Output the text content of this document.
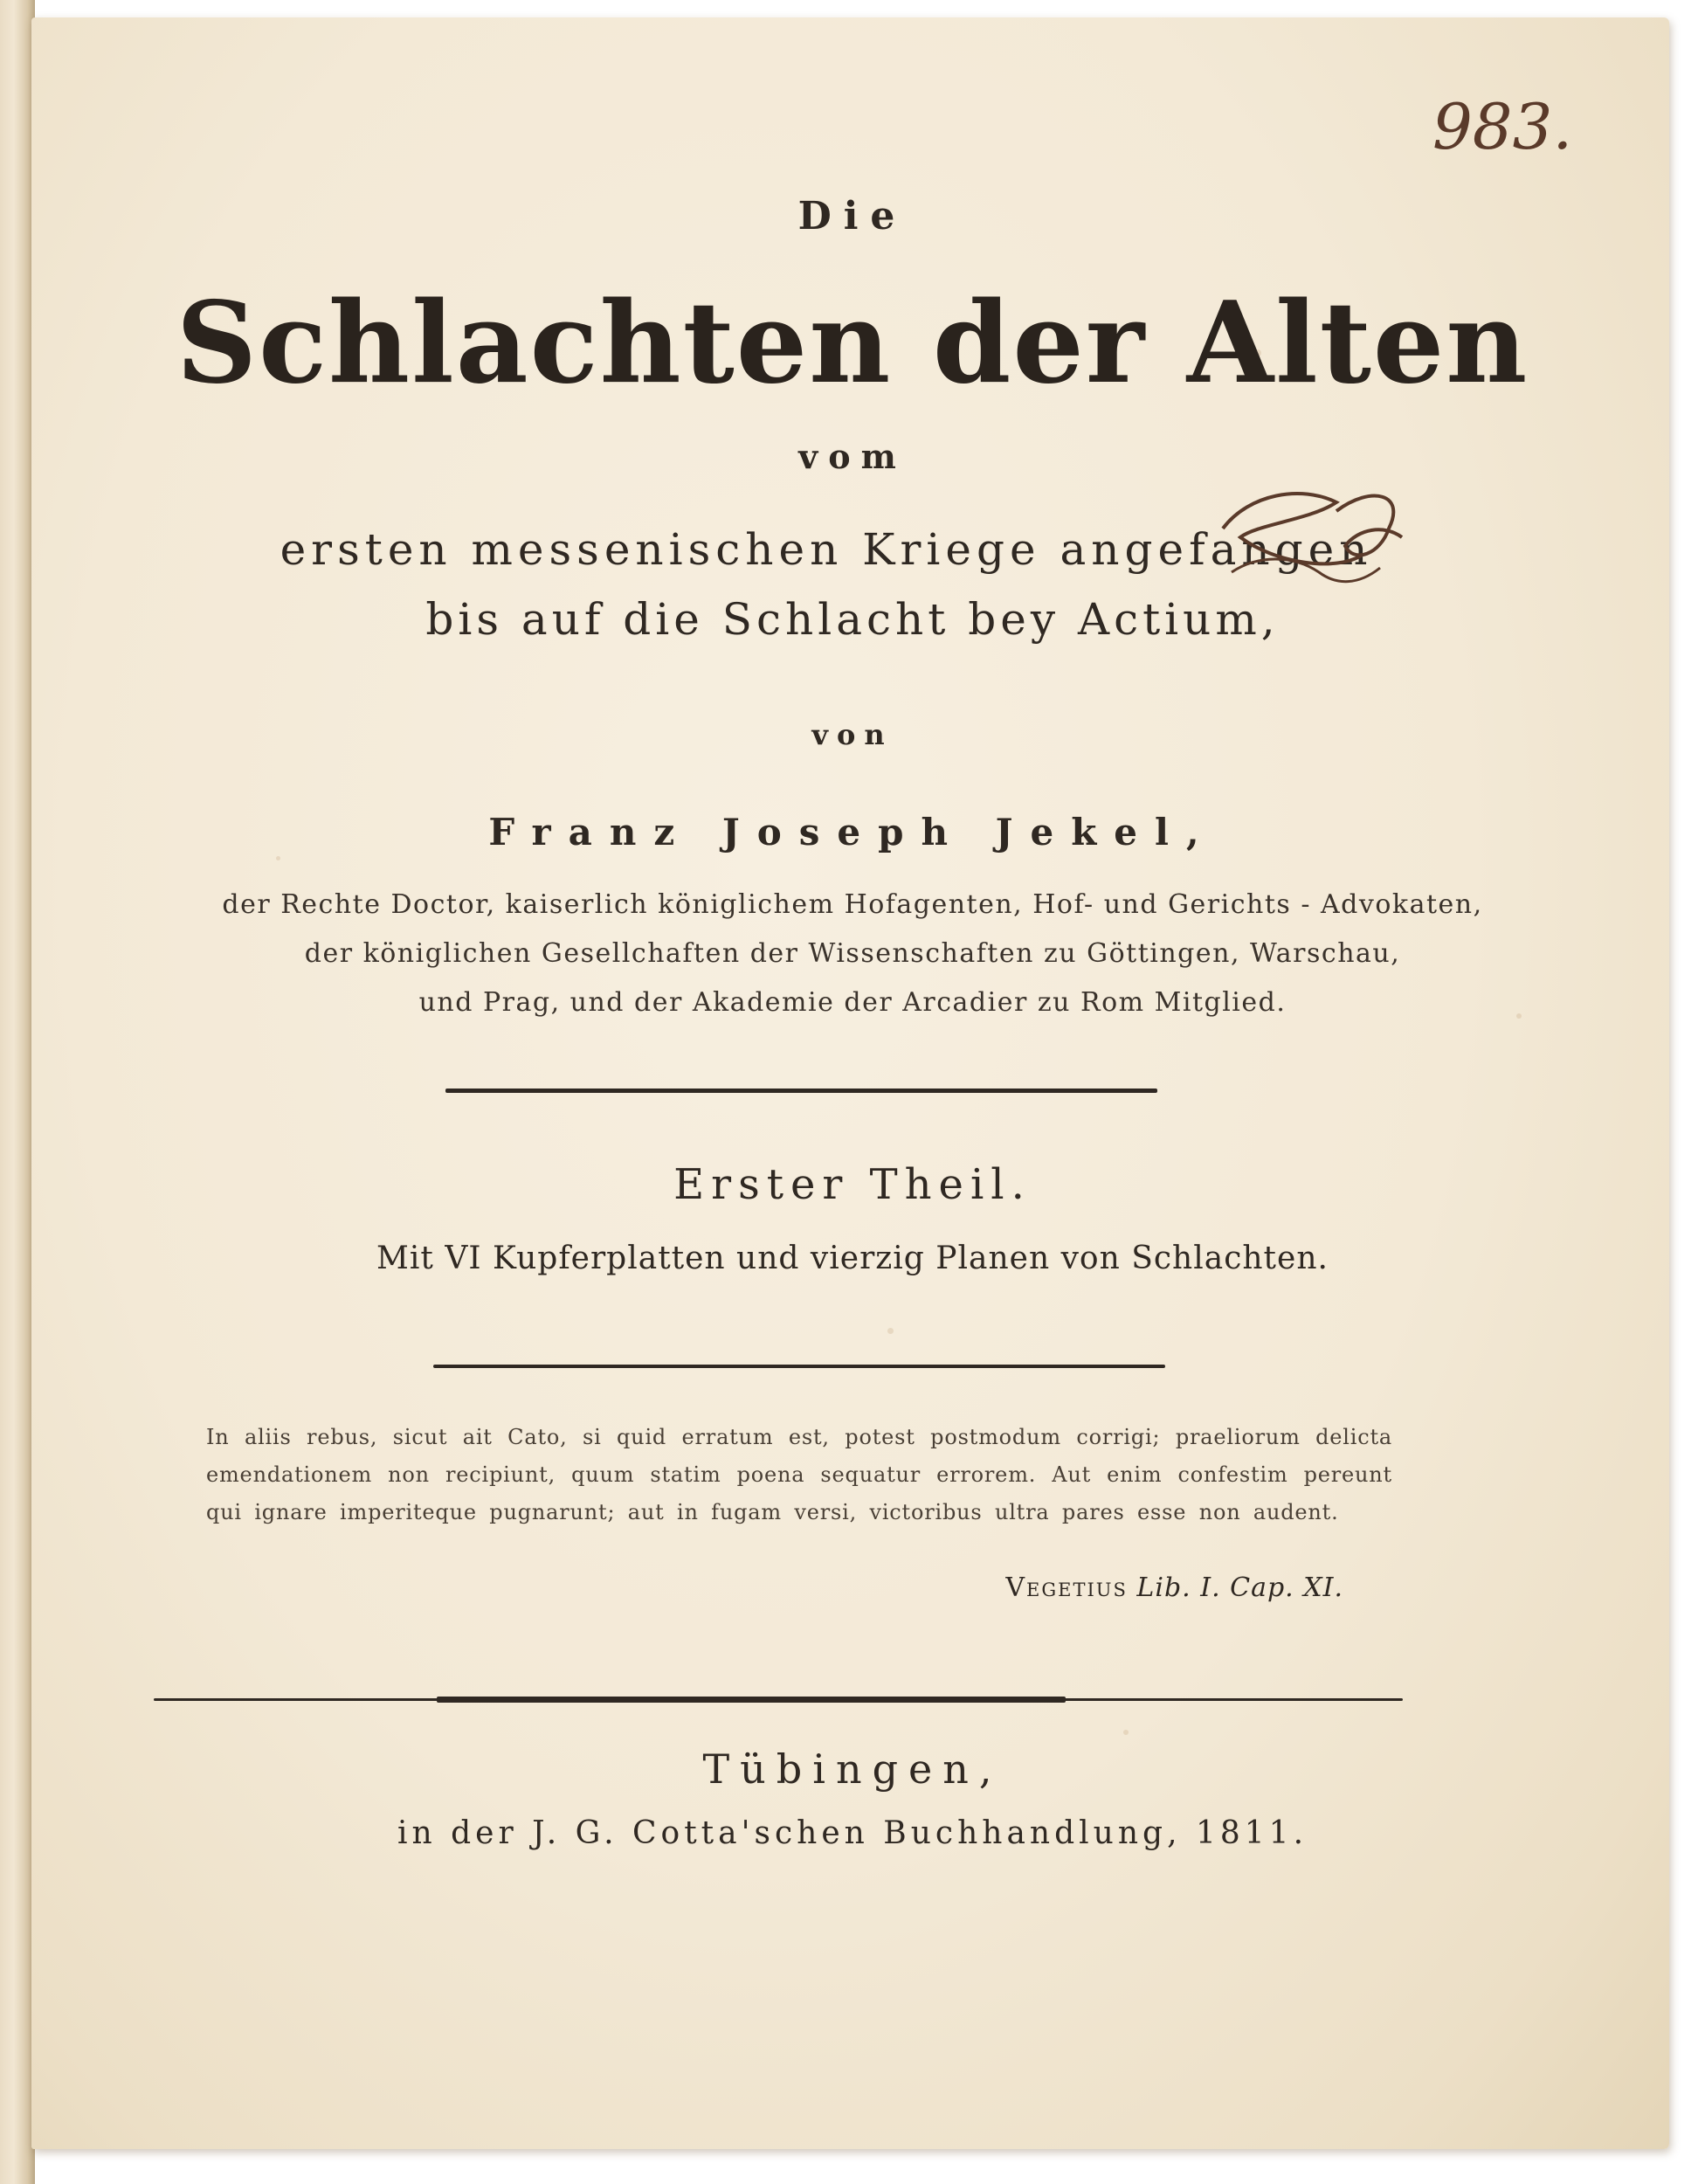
983.
Die
Schlachten der Alten
vom
ersten messenischen Kriege angefangen
bis auf die Schlacht bey Actium,
von
Franz Joseph Jekel,
der Rechte Doctor, kaiserlich königlichem Hofagenten, Hof- und Gerichts - Advokaten,
der königlichen Gesellchaften der Wissenschaften zu Göttingen, Warschau,
und Prag, und der Akademie der Arcadier zu Rom Mitglied.
Erster Theil.
Mit VI Kupferplatten und vierzig Planen von Schlachten.
In aliis rebus, sicut ait Cato, si quid erratum est, potest postmodum corrigi; praeliorum delicta emendationem non recipiunt, quum statim poena sequatur errorem. Aut enim confestim pereunt qui ignare imperiteque pugnarunt; aut in fugam versi, victoribus ultra pares esse non audent.
Vegetius Lib. I. Cap. XI.
Tübingen,
in der J. G. Cotta'schen Buchhandlung, 1811.
